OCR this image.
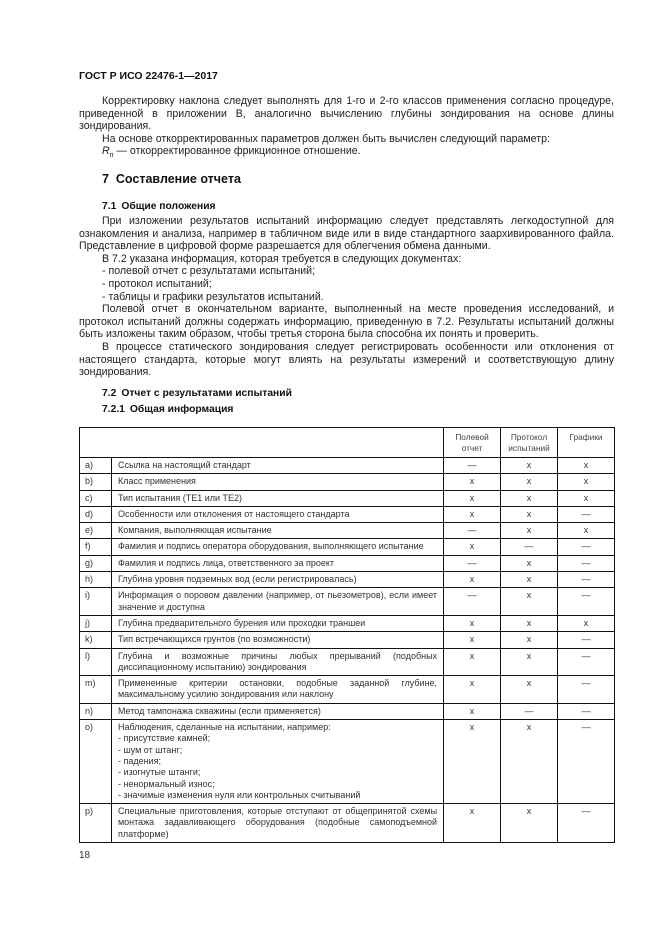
ГОСТ Р ИСО 22476-1—2017

Корректировку наклона следует выполнять для 1-го и 2-го классов применения согласно процедуре, приведенной в приложении B, аналогично вычислению глубины зондирования на основе длины зондирования.

На основе откорректированных параметров должен быть вычислен следующий параметр:

$R_п$ — откорректированное фрикционное отношение.

7 Составление отчета
7.1 Общие положения

При изложении результатов испытаний информацию следует представлять легкодоступной для ознакомления и анализа, например в табличном виде или в виде стандартного заархивированного файла. Представление в цифровой форме разрешается для облегчения обмена данными.

В 7.2 указана информация, которая требуется в следующих документах:

- полевой отчет с результатами испытаний;

- протокол испытаний;

- таблицы и графики результатов испытаний.

Полевой отчет в окончательном варианте, выполненный на месте проведения исследований, и протокол испытаний должны содержать информацию, приведенную в 7.2. Результаты испытаний должны быть изложены таким образом, чтобы третья сторона была способна их понять и проверить.

В процессе статического зондирования следует регистрировать особенности или отклонения от настоящего стандарта, которые могут влиять на результаты измерений и соответствующую длину зондирования.

7.2 Отчет с результатами испытаний
7.2.1 Общая информация
		Полевой отчет	Протокол испытаний	Графики
a)	Ссылка на настоящий стандарт	—	x	x
b)	Класс применения	x	x	x
c)	Тип испытания (TE1 или TE2)	x	x	x
d)	Особенности или отклонения от настоящего стандарта	x	x	—
e)	Компания, выполняющая испытание	—	x	x
f)	Фамилия и подпись оператора оборудования, выполняющего испытание	x	—	—
g)	Фамилия и подпись лица, ответственного за проект	—	x	—
h)	Глубина уровня подземных вод (если регистрировалась)	x	x	—
i)	Информация о поровом давлении (например, от пьезометров), если имеет значение и доступна	—	x	—
j)	Глубина предварительного бурения или проходки траншеи	x	x	x
k)	Тип встречающихся грунтов (по возможности)	x	x	—
l)	Глубина и возможные причины любых прерываний (подобных диссипационному испытанию) зондирования	x	x	—
m)	Примененные критерии остановки, подобные заданной глубине, максимальному усилию зондирования или наклону	x	x	—
n)	Метод тампонажа скважины (если применяется)	x	—	—
o)	Наблюдения, сделанные на испытании, например:
- присутствие камней;
- шум от штанг;
- падения;
- изогнутые штанги;
- ненормальный износ;
- значимые изменения нуля или контрольных считываний
	x	x	—
p)	Специальные приготовления, которые отступают от общепринятой схемы монтажа задавливающего оборудования (подобные самоподъемной платформе)	x	x	—
18
